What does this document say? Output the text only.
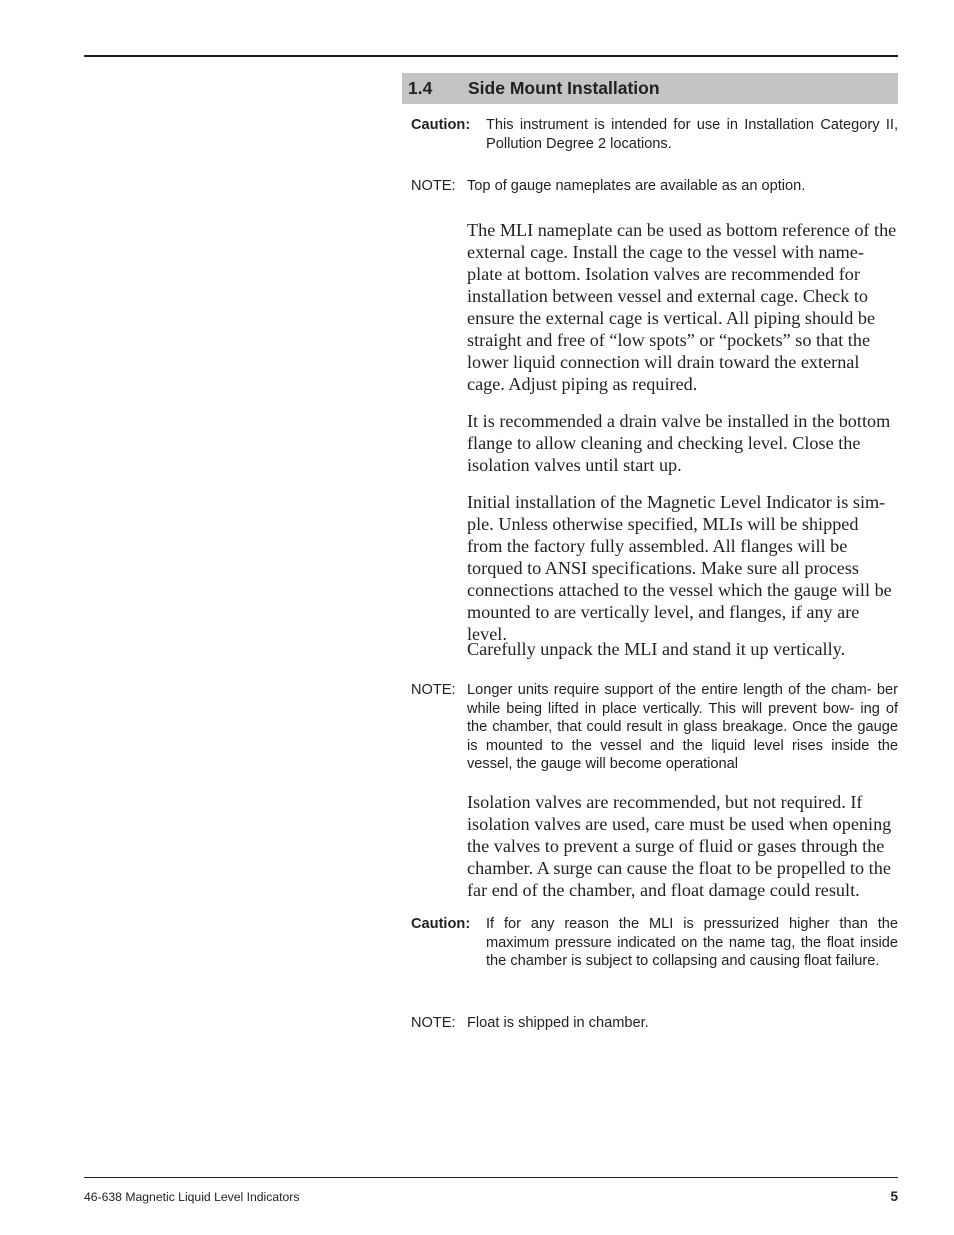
1.4 Side Mount Installation
Caution: This instrument is intended for use in Installation Category II, Pollution Degree 2 locations.
NOTE: Top of gauge nameplates are available as an option.

The MLI nameplate can be used as bottom reference of the external cage. Install the cage to the vessel with name- plate at bottom. Isolation valves are recommended for installation between vessel and external cage. Check to ensure the external cage is vertical. All piping should be straight and free of “low spots” or “pockets” so that the lower liquid connection will drain toward the external cage. Adjust piping as required.

It is recommended a drain valve be installed in the bottom flange to allow cleaning and checking level. Close the isolation valves until start up.

Initial installation of the Magnetic Level Indicator is sim- ple. Unless otherwise specified, MLIs will be shipped from the factory fully assembled. All flanges will be torqued to ANSI specifications. Make sure all process connections attached to the vessel which the gauge will be mounted to are vertically level, and flanges, if any are level.

Carefully unpack the MLI and stand it up vertically.

NOTE: Longer units require support of the entire length of the cham- ber while being lifted in place vertically. This will prevent bow- ing of the chamber, that could result in glass breakage. Once the gauge is mounted to the vessel and the liquid level rises inside the vessel, the gauge will become operational

Isolation valves are recommended, but not required. If isolation valves are used, care must be used when opening the valves to prevent a surge of fluid or gases through the chamber. A surge can cause the float to be propelled to the far end of the chamber, and float damage could result.

Caution: If for any reason the MLI is pressurized higher than the maximum pressure indicated on the name tag, the float inside the chamber is subject to collapsing and causing float failure.
NOTE: Float is shipped in chamber.
46-638 Magnetic Liquid Level Indicators	5
